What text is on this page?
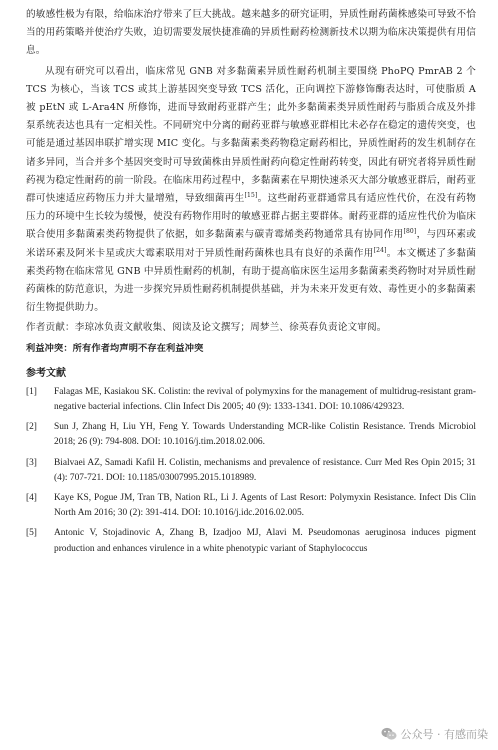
的敏感性极为有限，给临床治疗带来了巨大挑战。越来越多的研究证明，异质性耐药菌株感染可导致不恰当的用药策略并使治疗失败，迫切需要发展快捷准确的异质性耐药检测新技术以期为临床决策提供有用信息。

从现有研究可以看出，临床常见 GNB 对多黏菌素异质性耐药机制主要围绕 PhoPQ PmrAB 2 个 TCS 为核心，当该 TCS 或其上游基因突变导致 TCS 活化，正向调控下游修饰酶表达时，可使脂质 A 被 pEtN 或 L-Ara4N 所修饰，进而导致耐药亚群产生；此外多黏菌素类异质性耐药与脂质合成及外排泵系统表达也具有一定相关性。不同研究中分离的耐药亚群与敏感亚群相比未必存在稳定的遗传突变，也可能是通过基因串联扩增实现 MIC 变化。与多黏菌素类药物稳定耐药相比，异质性耐药的发生机制存在诸多异同，当合并多个基因突变时可导致菌株由异质性耐药向稳定性耐药转变，因此有研究者将异质性耐药视为稳定性耐药的前一阶段。在临床用药过程中，多黏菌素在早期快速杀灭大部分敏感亚群后，耐药亚群可快速适应药物压力并大量增殖，导致细菌再生[15]。这些耐药亚群通常具有适应性代价，在没有药物压力的环境中生长较为缓慢，使没有药物作用时的敏感亚群占据主要群体。耐药亚群的适应性代价为临床联合使用多黏菌素类药物提供了依据，如多黏菌素与碳青霉烯类药物通常具有协同作用[80]，与四环素或米诺环素及阿米卡星或庆大霉素联用对于异质性耐药菌株也具有良好的杀菌作用[24]。本文概述了多黏菌素类药物在临床常见 GNB 中异质性耐药的机制，有助于提高临床医生运用多黏菌素类药物时对异质性耐药菌株的防范意识，为进一步探究异质性耐药机制提供基础，并为未来开发更有效、毒性更小的多黏菌素衍生物提供助力。

作者贡献：李琼冰负责文献收集、阅读及论文撰写；周梦兰、徐英春负责论文审阅。

利益冲突：所有作者均声明不存在利益冲突

参考文献
[1]	Falagas ME, Kasiakou SK. Colistin: the revival of polymyxins for the management of multidrug-resistant gram-negative bacterial infections. Clin Infect Dis 2005; 40 (9): 1333-1341. DOI: 10.1086/429323.
[2]	Sun J, Zhang H, Liu YH, Feng Y. Towards Understanding MCR-like Colistin Resistance. Trends Microbiol 2018; 26 (9): 794-808. DOI: 10.1016/j.tim.2018.02.006.
[3]	Bialvaei AZ, Samadi Kafil H. Colistin, mechanisms and prevalence of resistance. Curr Med Res Opin 2015; 31 (4): 707-721. DOI: 10.1185/03007995.2015.1018989.
[4]	Kaye KS, Pogue JM, Tran TB, Nation RL, Li J. Agents of Last Resort: Polymyxin Resistance. Infect Dis Clin North Am 2016; 30 (2): 391-414. DOI: 10.1016/j.idc.2016.02.005.
[5]	Antonic V, Stojadinovic A, Zhang B, Izadjoo MJ, Alavi M. Pseudomonas aeruginosa induces pigment production and enhances virulence in a white phenotypic variant of Staphylococcus
公众号 · 有感而染
